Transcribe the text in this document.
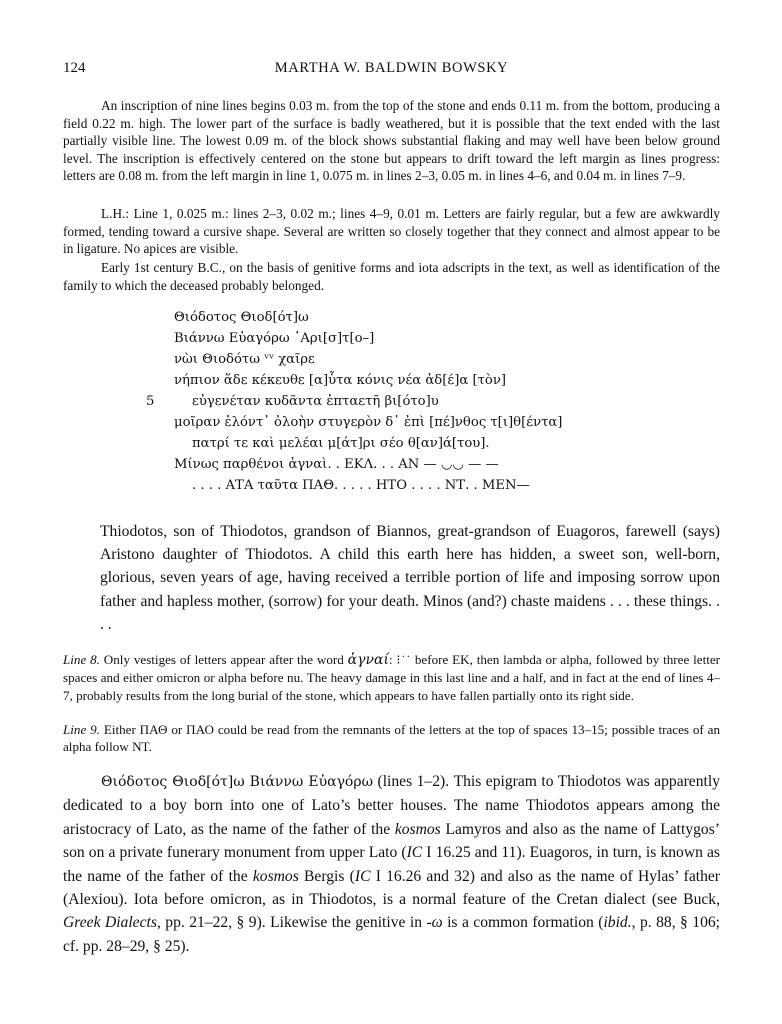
124	MARTHA W. BALDWIN BOWSKY

An inscription of nine lines begins 0.03 m. from the top of the stone and ends 0.11 m. from the bottom, producing a field 0.22 m. high. The lower part of the surface is badly weathered, but it is possible that the text ended with the last partially visible line. The lowest 0.09 m. of the block shows substantial flaking and may well have been below ground level. The inscription is effectively centered on the stone but appears to drift toward the left margin as lines progress: letters are 0.08 m. from the left margin in line 1, 0.075 m. in lines 2–3, 0.05 m. in lines 4–6, and 0.04 m. in lines 7–9.

L.H.: Line 1, 0.025 m.: lines 2–3, 0.02 m.; lines 4–9, 0.01 m. Letters are fairly regular, but a few are awkwardly formed, tending toward a cursive shape. Several are written so closely together that they connect and almost appear to be in ligature. No apices are visible.

Early 1st century B.C., on the basis of genitive forms and iota adscripts in the text, as well as identification of the family to which the deceased probably belonged.

Θιόδοτος Θιοδ[ότ]ω
Βιάννω Εὐαγόρω ᾿Αρι[σ]τ[ο–]
νὼι Θιοδότω ᵛᵛ χαῖρε
νήπιον ἅδε κέκευθε [α]ὗτα κόνις νέα ἁδ[έ]α [τὸν]
5	εὐγενέταν κυδᾶντα ἑπταετῆ βι[ότο]υ
μοῖραν ἑλόντ᾿ ὀλοὴν στυγερὸν δ᾿ ἐπὶ [πέ]νθος τ[ι]θ[έντα]
πατρί τε καὶ μελέαι μ[άτ]ρι σέο θ[αν]ά[του].
Μίνως παρθένοι ἁγναὶ. . ΕΚΛ. . . ΑΝ — ◡◡ — —
. . . . ΑΤΑ ταῦτα ΠΑΘ. . . . . ΗΤΟ . . . . ΝΤ. . ΜΕΝ—

Thiodotos, son of Thiodotos, grandson of Biannos, great-grandson of Euagoros, farewell (says) Aristono daughter of Thiodotos. A child this earth here has hidden, a sweet son, well-born, glorious, seven years of age, having received a terrible portion of life and imposing sorrow upon father and hapless mother, (sorrow) for your death. Minos (and?) chaste maidens . . . these things. . . .

Line 8. Only vestiges of letters appear after the word ἁγναί: ⁝˙˙ before ΕΚ, then lambda or alpha, followed by three letter spaces and either omicron or alpha before nu. The heavy damage in this last line and a half, and in fact at the end of lines 4–7, probably results from the long burial of the stone, which appears to have fallen partially onto its right side.

Line 9. Either ΠΑΘ or ΠΑΟ could be read from the remnants of the letters at the top of spaces 13–15; possible traces of an alpha follow ΝΤ.

Θιόδοτος Θιοδ[ότ]ω Βιάννω Εὐαγόρω (lines 1–2). This epigram to Thiodotos was apparently dedicated to a boy born into one of Lato’s better houses. The name Thiodotos appears among the aristocracy of Lato, as the name of the father of the kosmos Lamyros and also as the name of Lattygos’ son on a private funerary monument from upper Lato (IC I 16.25 and 11). Euagoros, in turn, is known as the name of the father of the kosmos Bergis (IC I 16.26 and 32) and also as the name of Hylas’ father (Alexiou). Iota before omicron, as in Thiodotos, is a normal feature of the Cretan dialect (see Buck, Greek Dialects, pp. 21–22, § 9). Likewise the genitive in -ω is a common formation (ibid., p. 88, § 106; cf. pp. 28–29, § 25).
